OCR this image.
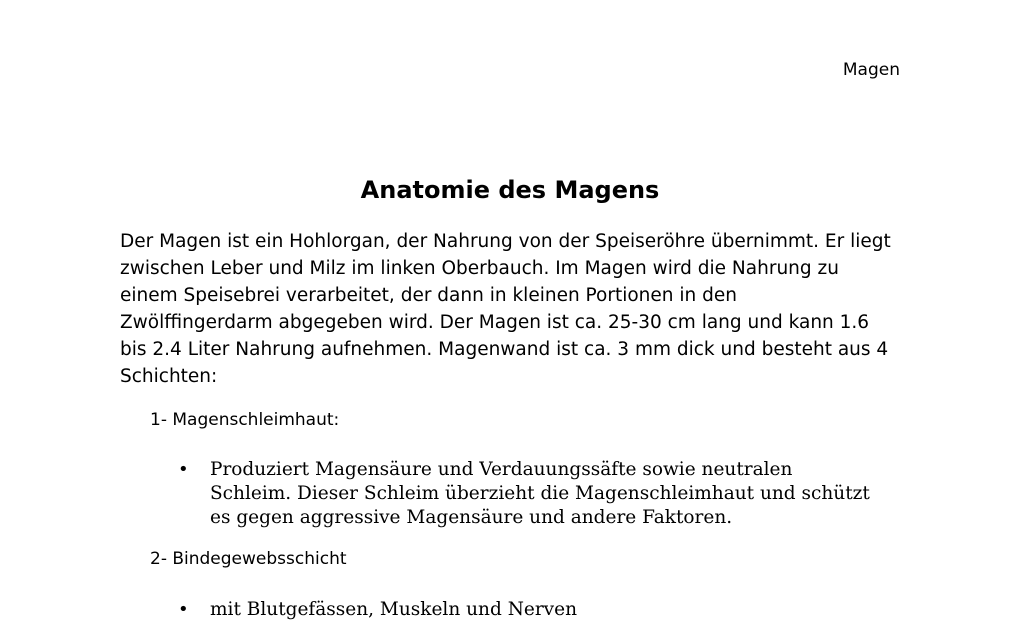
Magen
Anatomie des Magens

Der Magen ist ein Hohlorgan, der Nahrung von der Speiseröhre übernimmt. Er liegt zwischen Leber und Milz im linken Oberbauch. Im Magen wird die Nahrung zu einem Speisebrei verarbeitet, der dann in kleinen Portionen in den Zwölffingerdarm abgegeben wird. Der Magen ist ca. 25-30 cm lang und kann 1.6 bis 2.4 Liter Nahrung aufnehmen. Magenwand ist ca. 3 mm dick und besteht aus 4 Schichten:

1- Magenschleimhaut:

• Produziert Magensäure und Verdauungssäfte sowie neutralen Schleim. Dieser Schleim überzieht die Magenschleimhaut und schützt es gegen aggressive Magensäure und andere Faktoren.

2- Bindegewebsschicht

• mit Blutgefässen, Muskeln und Nerven
